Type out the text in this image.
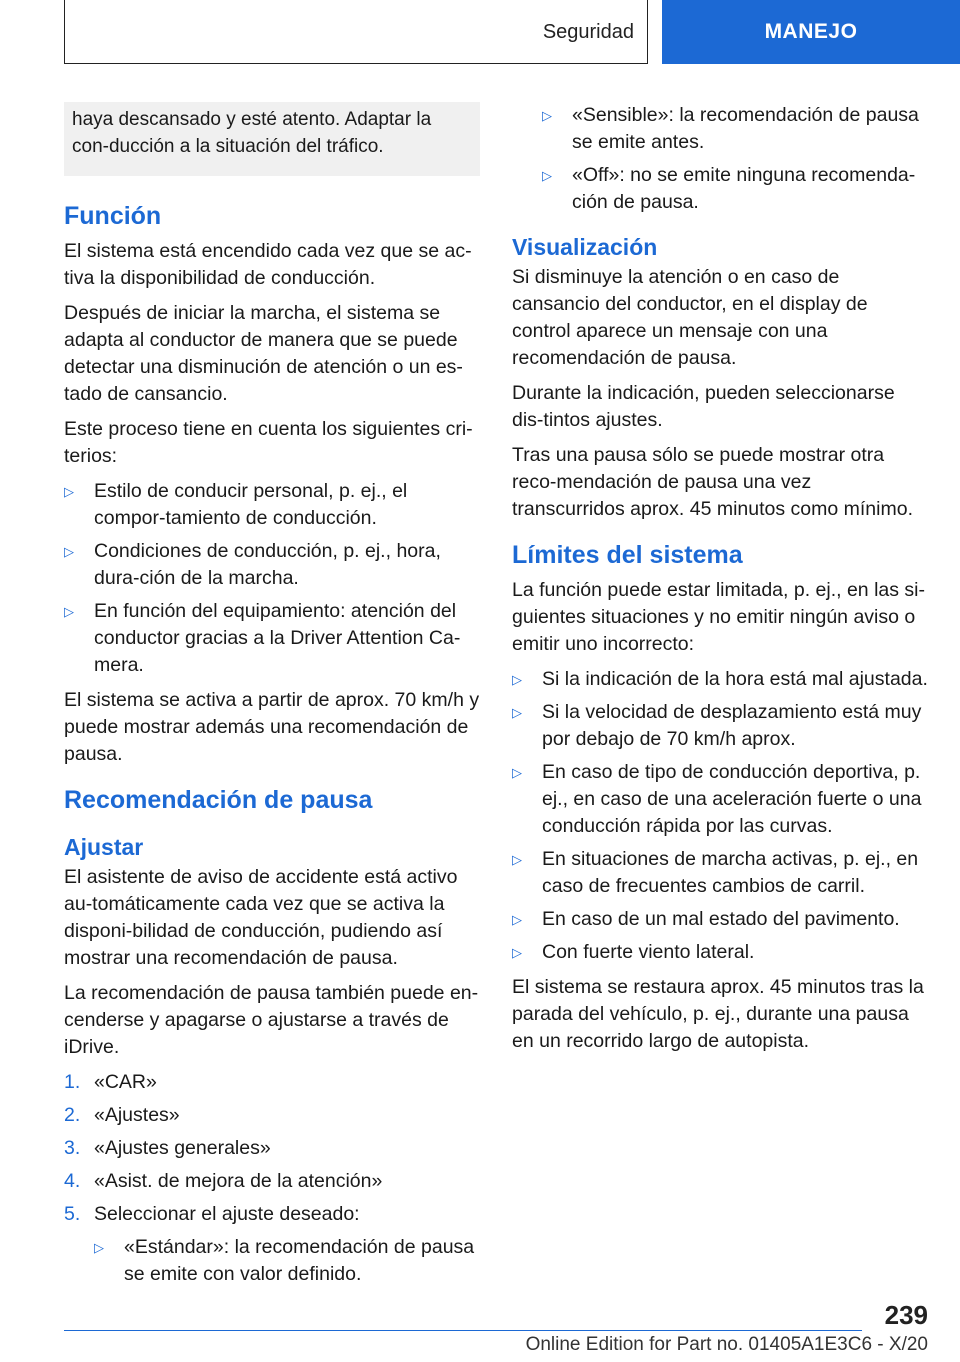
Seguridad	MANEJO
haya descansado y esté atento. Adaptar la con-ducción a la situación del tráfico.
Función

El sistema está encendido cada vez que se ac-tiva la disponibilidad de conducción.

Después de iniciar la marcha, el sistema se adapta al conductor de manera que se puede detectar una disminución de atención o un es-tado de cansancio.

Este proceso tiene en cuenta los siguientes cri-terios:

▷ Estilo de conducir personal, p. ej., el compor-tamiento de conducción.
▷ Condiciones de conducción, p. ej., hora, dura-ción de la marcha.
▷ En función del equipamiento: atención del conductor gracias a la Driver Attention Ca-mera.

El sistema se activa a partir de aprox. 70 km/h y puede mostrar además una recomendación de pausa.

Recomendación de pausa
Ajustar

El asistente de aviso de accidente está activo au-tomáticamente cada vez que se activa la disponi-bilidad de conducción, pudiendo así mostrar una recomendación de pausa.

La recomendación de pausa también puede en-cenderse y apagarse o ajustarse a través de iDrive.

1. «CAR»
2. «Ajustes»
3. «Ajustes generales»
4. «Asist. de mejora de la atención»
5. Seleccionar el ajuste deseado:
▷ «Estándar»: la recomendación de pausa se emite con valor definido.
▷ «Sensible»: la recomendación de pausa se emite antes.
▷ «Off»: no se emite ninguna recomenda-ción de pausa.
Visualización

Si disminuye la atención o en caso de cansancio del conductor, en el display de control aparece un mensaje con una recomendación de pausa.

Durante la indicación, pueden seleccionarse dis-tintos ajustes.

Tras una pausa sólo se puede mostrar otra reco-mendación de pausa una vez transcurridos aprox. 45 minutos como mínimo.

Límites del sistema

La función puede estar limitada, p. ej., en las si-guientes situaciones y no emitir ningún aviso o emitir uno incorrecto:

▷ Si la indicación de la hora está mal ajustada.
▷ Si la velocidad de desplazamiento está muy por debajo de 70 km/h aprox.
▷ En caso de tipo de conducción deportiva, p. ej., en caso de una aceleración fuerte o una conducción rápida por las curvas.
▷ En situaciones de marcha activas, p. ej., en caso de frecuentes cambios de carril.
▷ En caso de un mal estado del pavimento.
▷ Con fuerte viento lateral.

El sistema se restaura aprox. 45 minutos tras la parada del vehículo, p. ej., durante una pausa en un recorrido largo de autopista.

239
Online Edition for Part no. 01405A1E3C6 - X/20
